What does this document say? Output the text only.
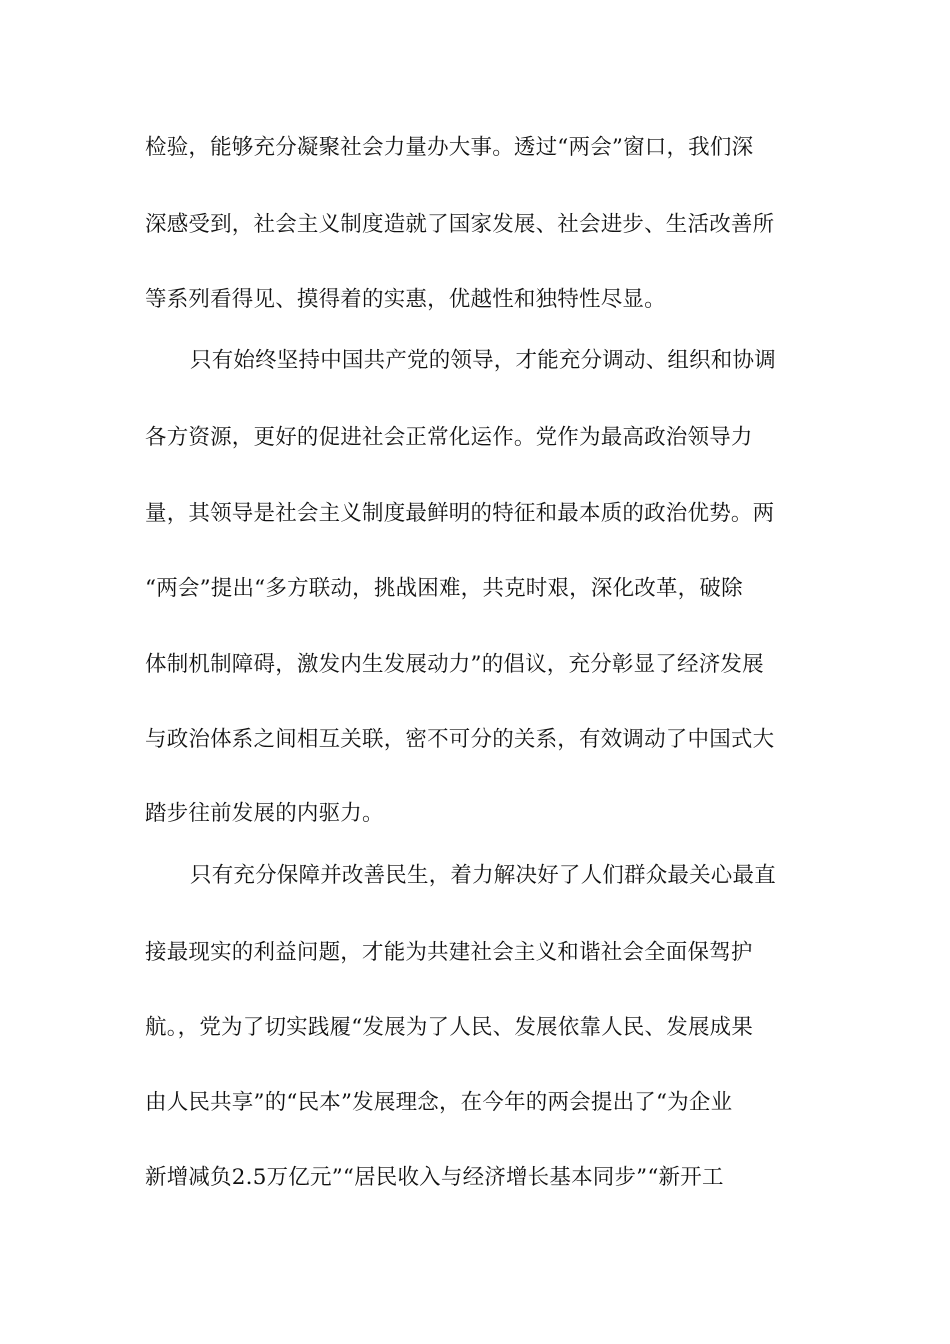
检验，能够充分凝聚社会力量办大事。透过“两会”窗口，我们深
深感受到，社会主义制度造就了国家发展、社会进步、生活改善所
等系列看得见、摸得着的实惠，优越性和独特性尽显。
只有始终坚持中国共产党的领导，才能充分调动、组织和协调
各方资源，更好的促进社会正常化运作。党作为最高政治领导力
量，其领导是社会主义制度最鲜明的特征和最本质的政治优势。两
“两会”提出“多方联动，挑战困难，共克时艰，深化改革，破除
体制机制障碍，激发内生发展动力”的倡议，充分彰显了经济发展
与政治体系之间相互关联，密不可分的关系，有效调动了中国式大
踏步往前发展的内驱力。
只有充分保障并改善民生，着力解决好了人们群众最关心最直
接最现实的利益问题，才能为共建社会主义和谐社会全面保驾护
航。，党为了切实践履“发展为了人民、发展依靠人民、发展成果
由人民共享”的“民本”发展理念，在今年的两会提出了“为企业
新增减负2.5万亿元”“居民收入与经济增长基本同步”“新开工
